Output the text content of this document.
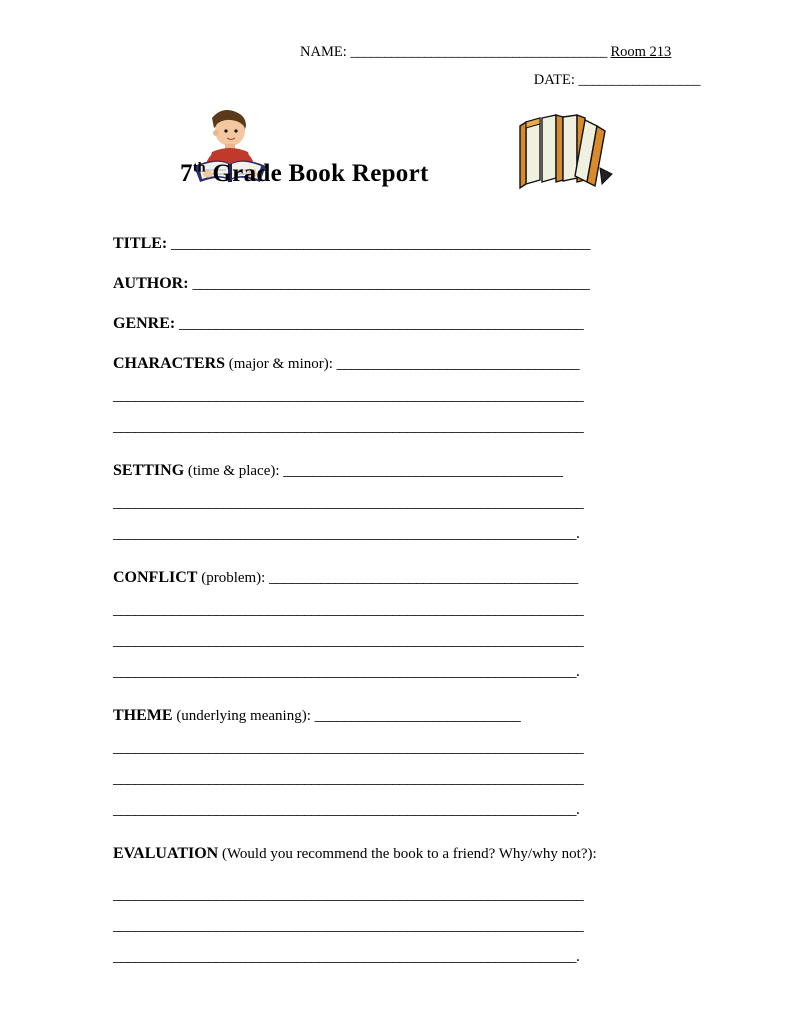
NAME: ______________________________________ Room 213
DATE: __________________
7th Grade Book Report
TITLE: _________________________________________________________
AUTHOR: ______________________________________________________
GENRE: _______________________________________________________
CHARACTERS (major & minor): _________________________________
________________________________________________________________
________________________________________________________________
SETTING (time & place): ______________________________________
________________________________________________________________
_______________________________________________________________.
CONFLICT (problem): __________________________________________
________________________________________________________________
________________________________________________________________
_______________________________________________________________.
THEME (underlying meaning): ____________________________
________________________________________________________________
________________________________________________________________
_______________________________________________________________.
EVALUATION (Would you recommend the book to a friend? Why/why not?):
________________________________________________________________
________________________________________________________________
_______________________________________________________________.
